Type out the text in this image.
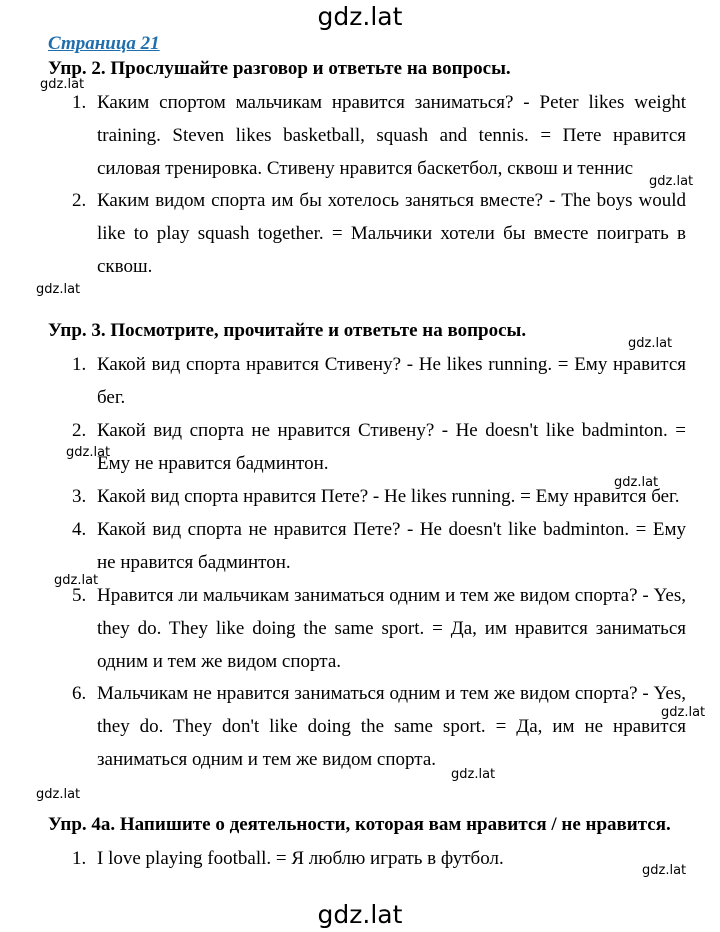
gdz.lat
Страница 21
Упр. 2. Прослушайте разговор и ответьте на вопросы.
1. Каким спортом мальчикам нравится заниматься? - Peter likes weight training. Steven likes basketball, squash and tennis. = Пете нравится силовая тренировка. Стивену нравится баскетбол, сквош и теннис
2. Каким видом спорта им бы хотелось заняться вместе? - The boys would like to play squash together. = Мальчики хотели бы вместе поиграть в сквош.
Упр. 3. Посмотрите, прочитайте и ответьте на вопросы.
1. Какой вид спорта нравится Стивену? - He likes running. = Ему нравится бег.
2. Какой вид спорта не нравится Стивену? - He doesn't like badminton. = Ему не нравится бадминтон.
3. Какой вид спорта нравится Пете? - He likes running. = Ему нравится бег.
4. Какой вид спорта не нравится Пете? - He doesn't like badminton. = Ему не нравится бадминтон.
5. Нравится ли мальчикам заниматься одним и тем же видом спорта? - Yes, they do. They like doing the same sport. = Да, им нравится заниматься одним и тем же видом спорта.
6. Мальчикам не нравится заниматься одним и тем же видом спорта? - Yes, they do. They don't like doing the same sport. = Да, им не нравится заниматься одним и тем же видом спорта.
Упр. 4а. Напишите о деятельности, которая вам нравится / не нравится.
1. I love playing football. = Я люблю играть в футбол.
gdz.lat
gdz.lat
gdz.lat
gdz.lat
gdz.lat
gdz.lat
gdz.lat
gdz.lat
gdz.lat
gdz.lat
gdz.lat
gdz.lat
